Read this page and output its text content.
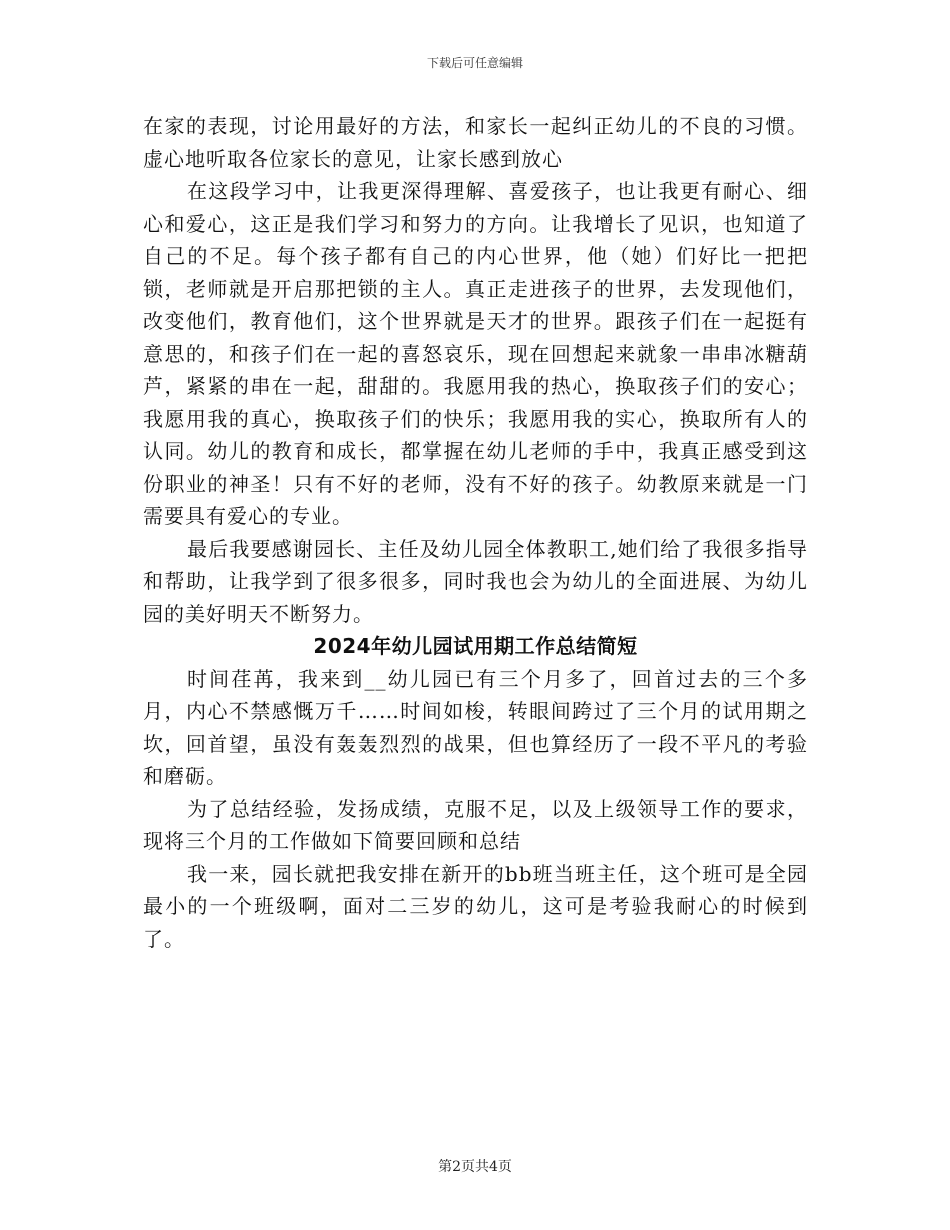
下载后可任意编辑

在家的表现，讨论用最好的方法，和家长一起纠正幼儿的不良的习惯。虚心地听取各位家长的意见，让家长感到放心

在这段学习中，让我更深得理解、喜爱孩子，也让我更有耐心、细心和爱心，这正是我们学习和努力的方向。让我增长了见识，也知道了自己的不足。每个孩子都有自己的内心世界，他（她）们好比一把把锁，老师就是开启那把锁的主人。真正走进孩子的世界，去发现他们，改变他们，教育他们，这个世界就是天才的世界。跟孩子们在一起挺有意思的，和孩子们在一起的喜怒哀乐，现在回想起来就象一串串冰糖葫芦，紧紧的串在一起，甜甜的。我愿用我的热心，换取孩子们的安心；我愿用我的真心，换取孩子们的快乐；我愿用我的实心，换取所有人的认同。幼儿的教育和成长，都掌握在幼儿老师的手中，我真正感受到这份职业的神圣！只有不好的老师，没有不好的孩子。幼教原来就是一门需要具有爱心的专业。

最后我要感谢园长、主任及幼儿园全体教职工,她们给了我很多指导和帮助，让我学到了很多很多，同时我也会为幼儿的全面进展、为幼儿园的美好明天不断努力。

2024年幼儿园试用期工作总结简短

时间荏苒，我来到__幼儿园已有三个月多了，回首过去的三个多月，内心不禁感慨万千……时间如梭，转眼间跨过了三个月的试用期之坎，回首望，虽没有轰轰烈烈的战果，但也算经历了一段不平凡的考验和磨砺。

为了总结经验，发扬成绩，克服不足，以及上级领导工作的要求，现将三个月的工作做如下简要回顾和总结

我一来，园长就把我安排在新开的bb班当班主任，这个班可是全园最小的一个班级啊，面对二三岁的幼儿，这可是考验我耐心的时候到了。

第2页共4页
